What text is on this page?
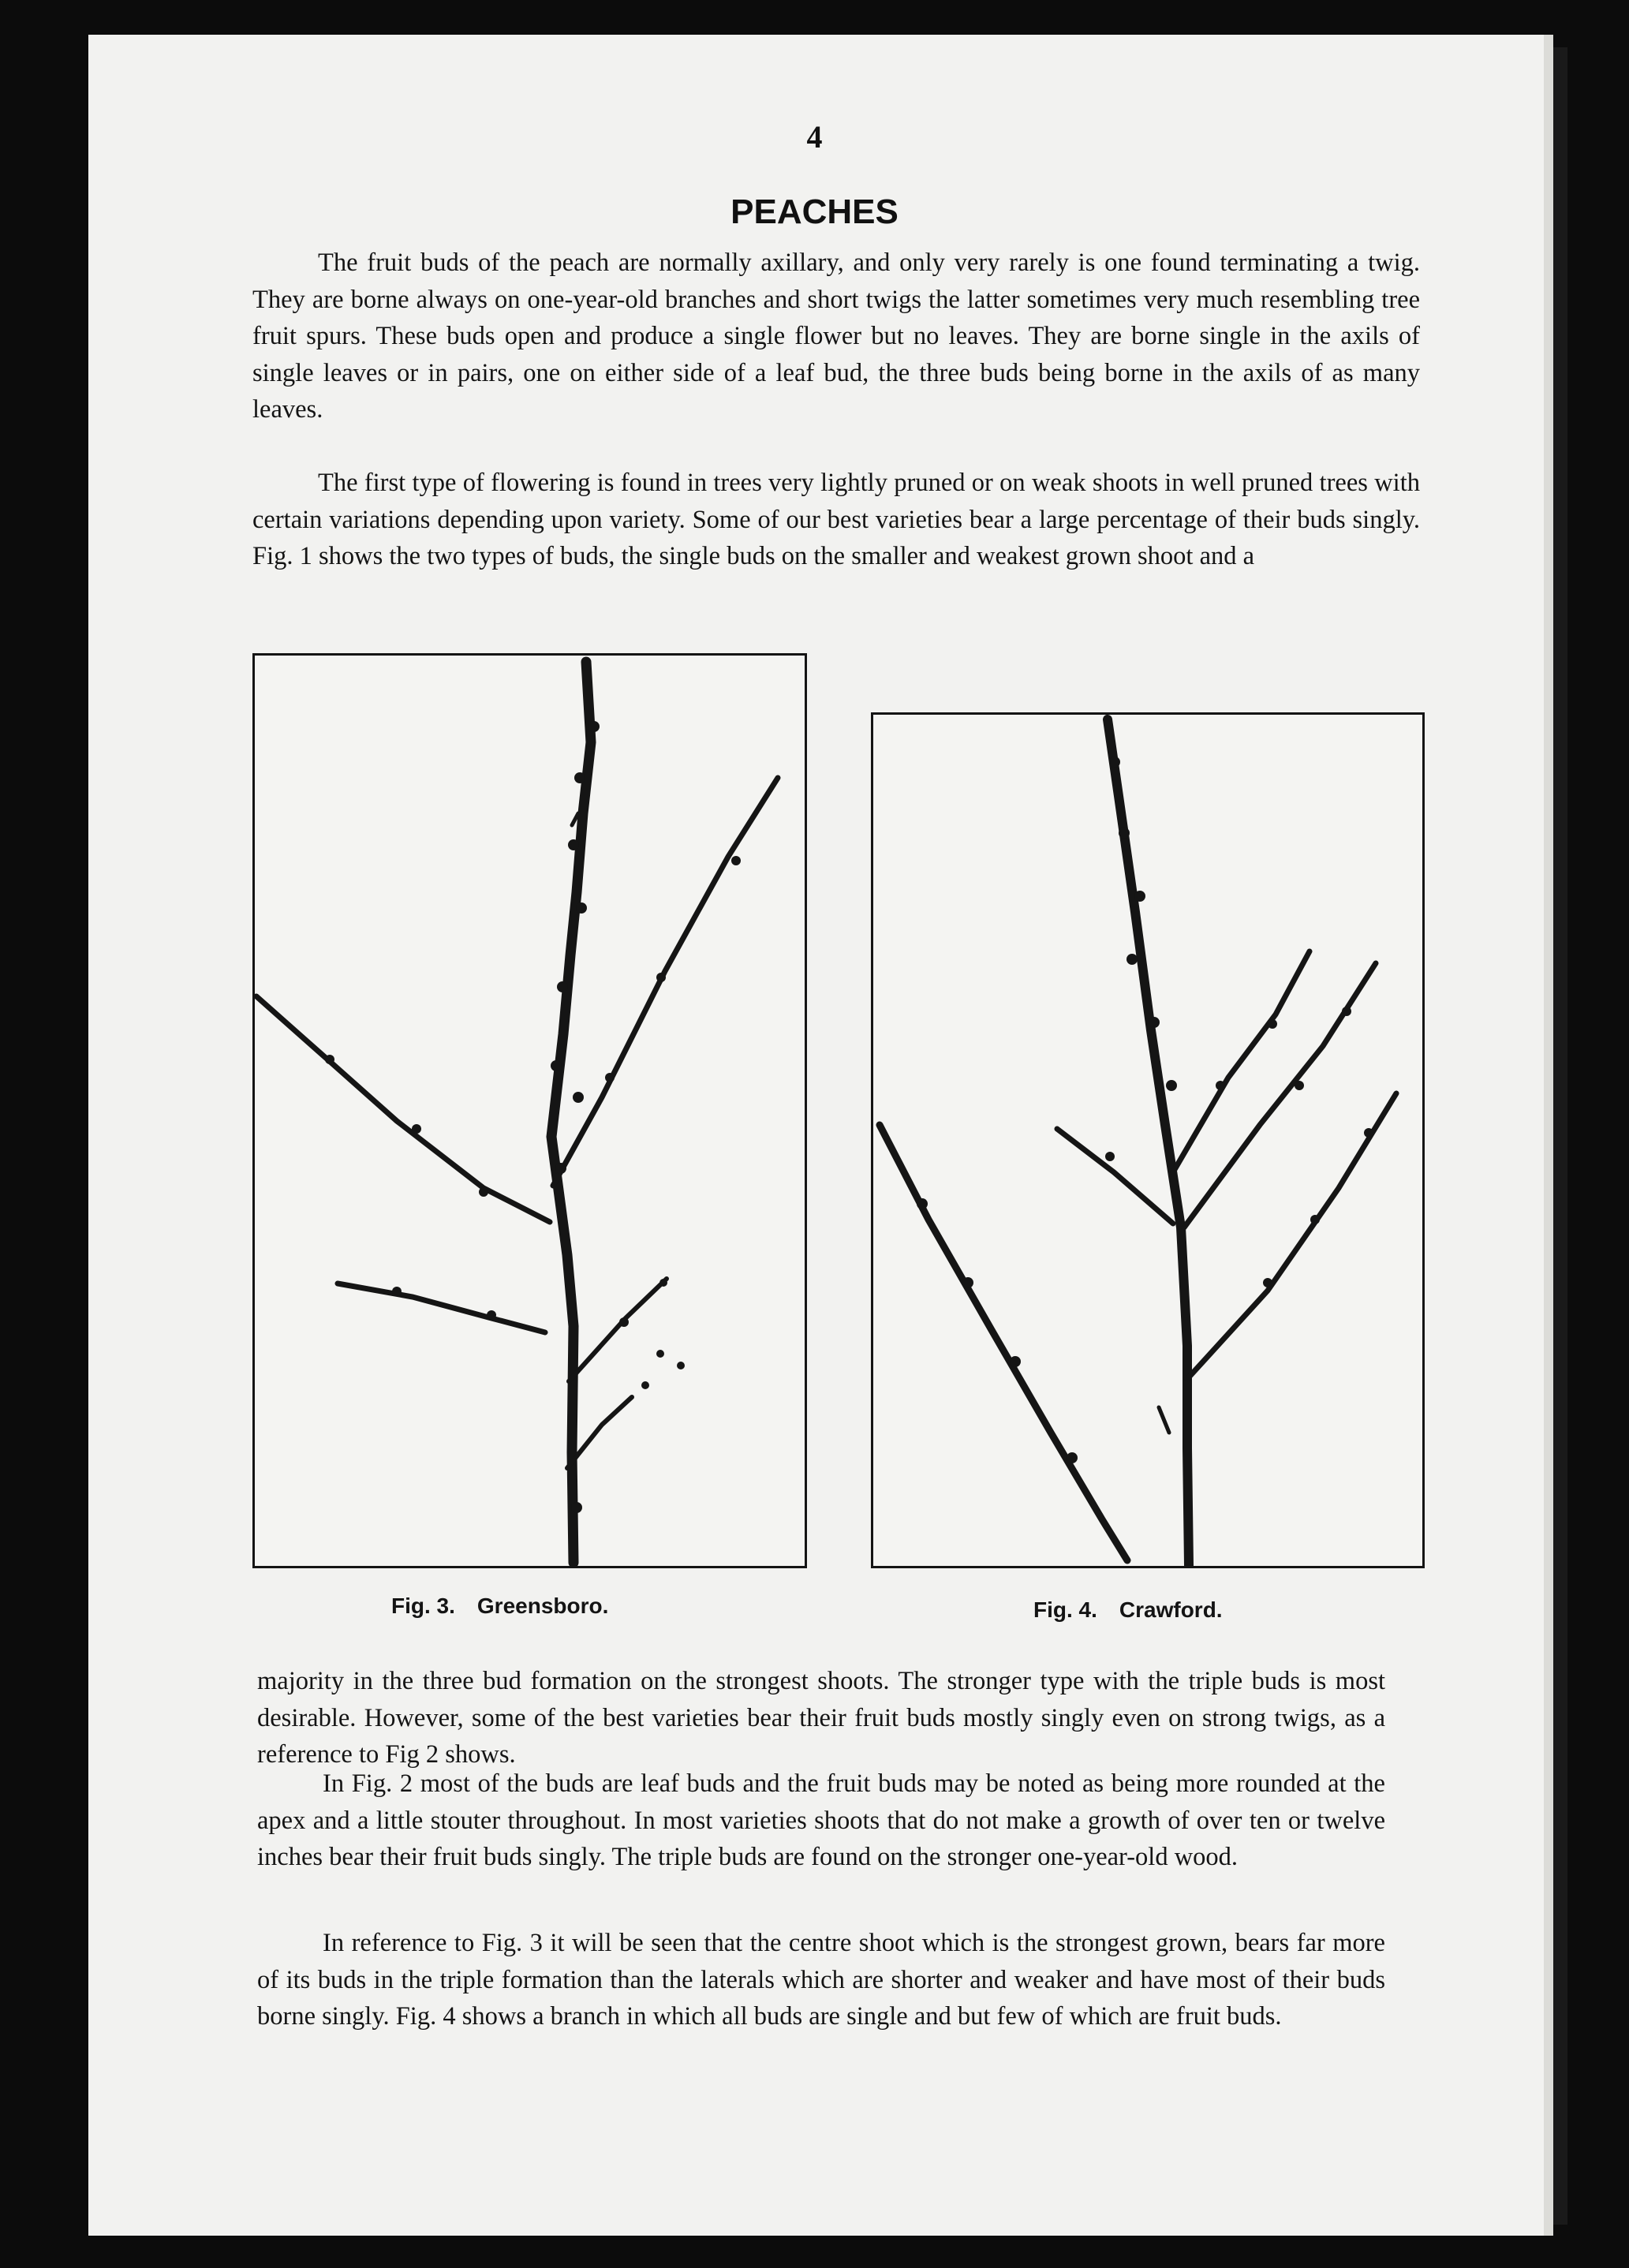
4
PEACHES

The fruit buds of the peach are normally axillary, and only very rarely is one found terminating a twig. They are borne always on one-year-old branches and short twigs the latter sometimes very much resembling tree fruit spurs. These buds open and produce a single flower but no leaves. They are borne single in the axils of single leaves or in pairs, one on either side of a leaf bud, the three buds being borne in the axils of as many leaves.

The first type of flowering is found in trees very lightly pruned or on weak shoots in well pruned trees with certain variations depending upon variety. Some of our best varieties bear a large percentage of their buds singly. Fig. 1 shows the two types of buds, the single buds on the smaller and weakest grown shoot and a

Fig. 3. Greensboro.	Fig. 4. Crawford.

majority in the three bud formation on the strongest shoots. The stronger type with the triple buds is most desirable. However, some of the best varieties bear their fruit buds mostly singly even on strong twigs, as a reference to Fig 2 shows.

In Fig. 2 most of the buds are leaf buds and the fruit buds may be noted as being more rounded at the apex and a little stouter throughout. In most varieties shoots that do not make a growth of over ten or twelve inches bear their fruit buds singly. The triple buds are found on the stronger one-year-old wood.

In reference to Fig. 3 it will be seen that the centre shoot which is the strongest grown, bears far more of its buds in the triple formation than the laterals which are shorter and weaker and have most of their buds borne singly. Fig. 4 shows a branch in which all buds are single and but few of which are fruit buds.
